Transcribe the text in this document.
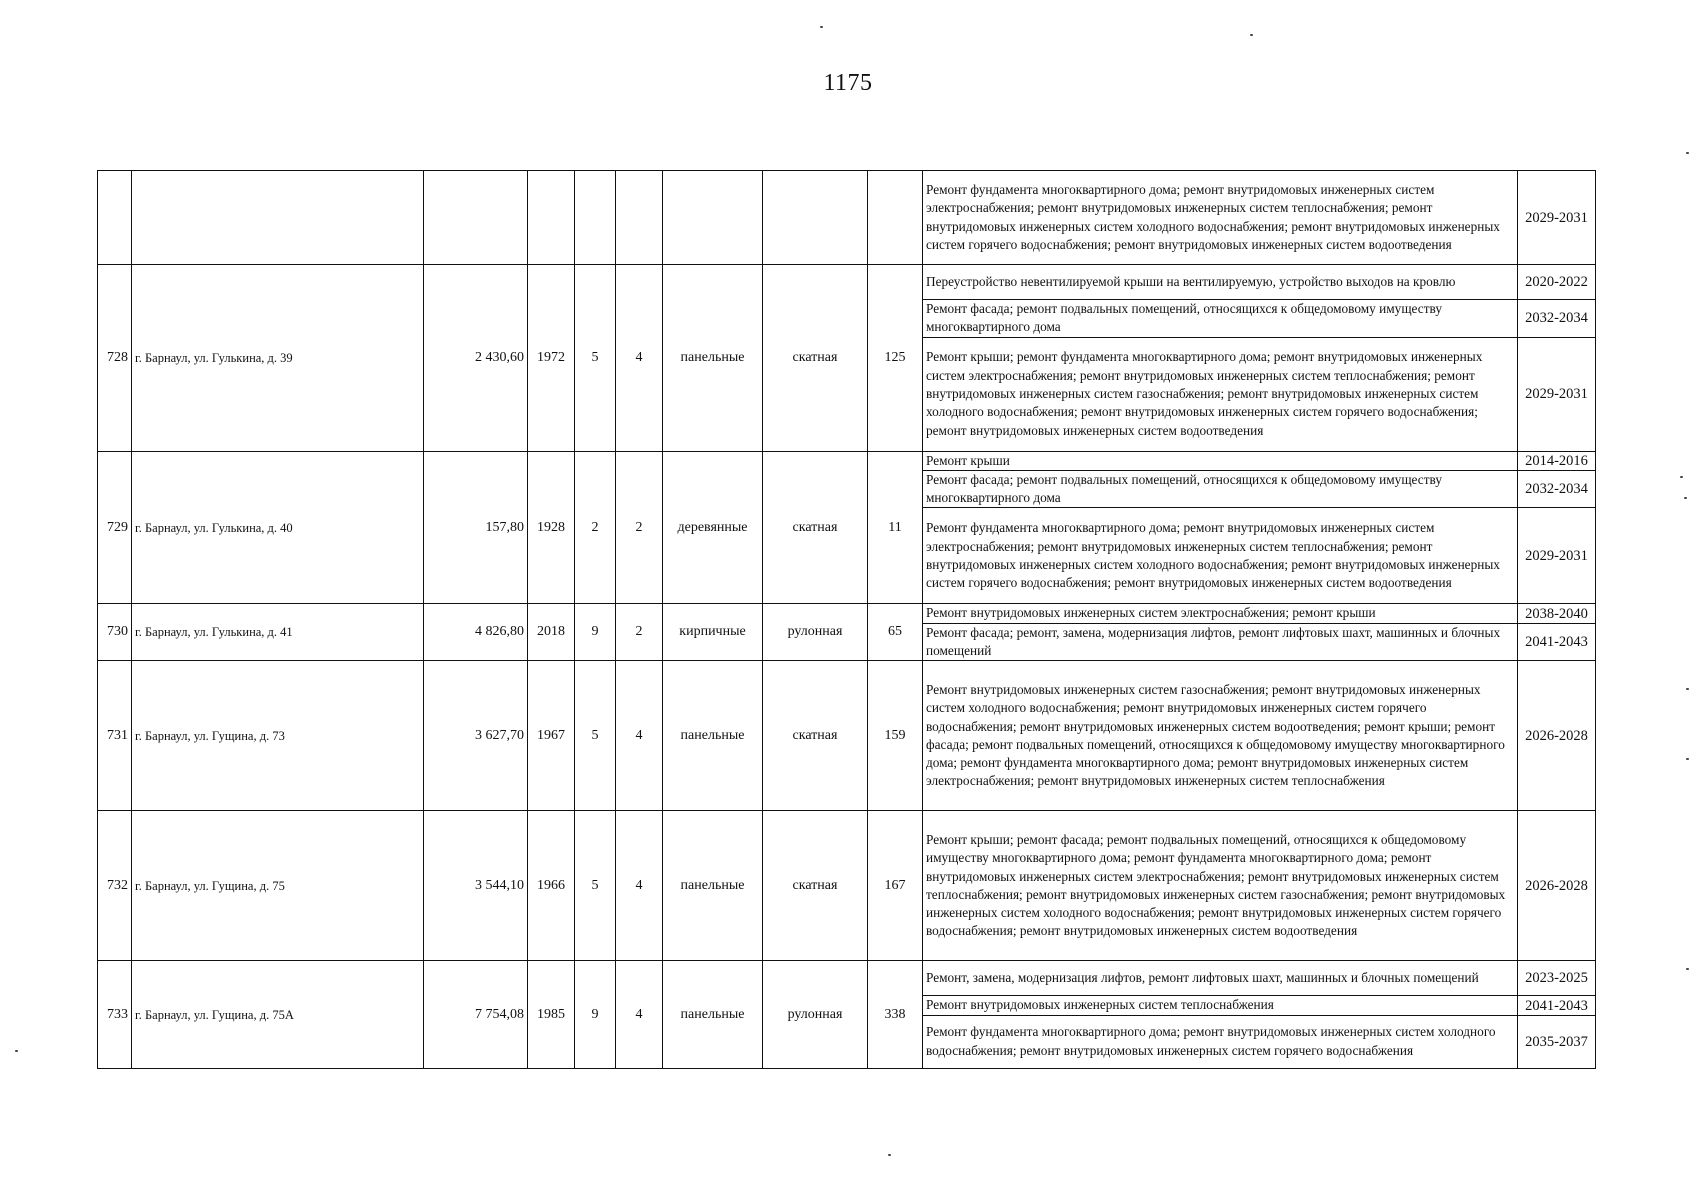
1175
									Ремонт фундамента многоквартирного дома; ремонт внутридомовых инженерных систем электроснабжения; ремонт внутридомовых инженерных систем теплоснабжения; ремонт внутридомовых инженерных систем холодного водоснабжения; ремонт внутридомовых инженерных систем горячего водоснабжения; ремонт внутридомовых инженерных систем водоотведения	2029-2031
728	г. Барнаул, ул. Гулькина, д. 39	2 430,60	1972	5	4	панельные	скатная	125	Переустройство невентилируемой крыши на вентилируемую, устройство выходов на кровлю	2020-2022
									Ремонт фасада; ремонт подвальных помещений, относящихся к общедомовому имуществу многоквартирного дома	2032-2034
									Ремонт крыши; ремонт фундамента многоквартирного дома; ремонт внутридомовых инженерных систем электроснабжения; ремонт внутридомовых инженерных систем теплоснабжения; ремонт внутридомовых инженерных систем газоснабжения; ремонт внутридомовых инженерных систем холодного водоснабжения; ремонт внутридомовых инженерных систем горячего водоснабжения; ремонт внутридомовых инженерных систем водоотведения	2029-2031
729	г. Барнаул, ул. Гулькина, д. 40	157,80	1928	2	2	деревянные	скатная	11	Ремонт крыши	2014-2016
									Ремонт фасада; ремонт подвальных помещений, относящихся к общедомовому имуществу многоквартирного дома	2032-2034
									Ремонт фундамента многоквартирного дома; ремонт внутридомовых инженерных систем электроснабжения; ремонт внутридомовых инженерных систем теплоснабжения; ремонт внутридомовых инженерных систем холодного водоснабжения; ремонт внутридомовых инженерных систем горячего водоснабжения; ремонт внутридомовых инженерных систем водоотведения	2029-2031
730	г. Барнаул, ул. Гулькина, д. 41	4 826,80	2018	9	2	кирпичные	рулонная	65	Ремонт внутридомовых инженерных систем электроснабжения; ремонт крыши	2038-2040
									Ремонт фасада; ремонт, замена, модернизация лифтов, ремонт лифтовых шахт, машинных и блочных помещений	2041-2043
731	г. Барнаул, ул. Гущина, д. 73	3 627,70	1967	5	4	панельные	скатная	159	Ремонт внутридомовых инженерных систем газоснабжения; ремонт внутридомовых инженерных систем холодного водоснабжения; ремонт внутридомовых инженерных систем горячего водоснабжения; ремонт внутридомовых инженерных систем водоотведения; ремонт крыши; ремонт фасада; ремонт подвальных помещений, относящихся к общедомовому имуществу многоквартирного дома; ремонт фундамента многоквартирного дома; ремонт внутридомовых инженерных систем электроснабжения; ремонт внутридомовых инженерных систем теплоснабжения	2026-2028
732	г. Барнаул, ул. Гущина, д. 75	3 544,10	1966	5	4	панельные	скатная	167	Ремонт крыши; ремонт фасада; ремонт подвальных помещений, относящихся к общедомовому имуществу многоквартирного дома; ремонт фундамента многоквартирного дома; ремонт внутридомовых инженерных систем электроснабжения; ремонт внутридомовых инженерных систем теплоснабжения; ремонт внутридомовых инженерных систем газоснабжения; ремонт внутридомовых инженерных систем холодного водоснабжения; ремонт внутридомовых инженерных систем горячего водоснабжения; ремонт внутридомовых инженерных систем водоотведения	2026-2028
733	г. Барнаул, ул. Гущина, д. 75А	7 754,08	1985	9	4	панельные	рулонная	338	Ремонт, замена, модернизация лифтов, ремонт лифтовых шахт, машинных и блочных помещений	2023-2025
									Ремонт внутридомовых инженерных систем теплоснабжения	2041-2043
									Ремонт фундамента многоквартирного дома; ремонт внутридомовых инженерных систем холодного водоснабжения; ремонт внутридомовых инженерных систем горячего водоснабжения	2035-2037
